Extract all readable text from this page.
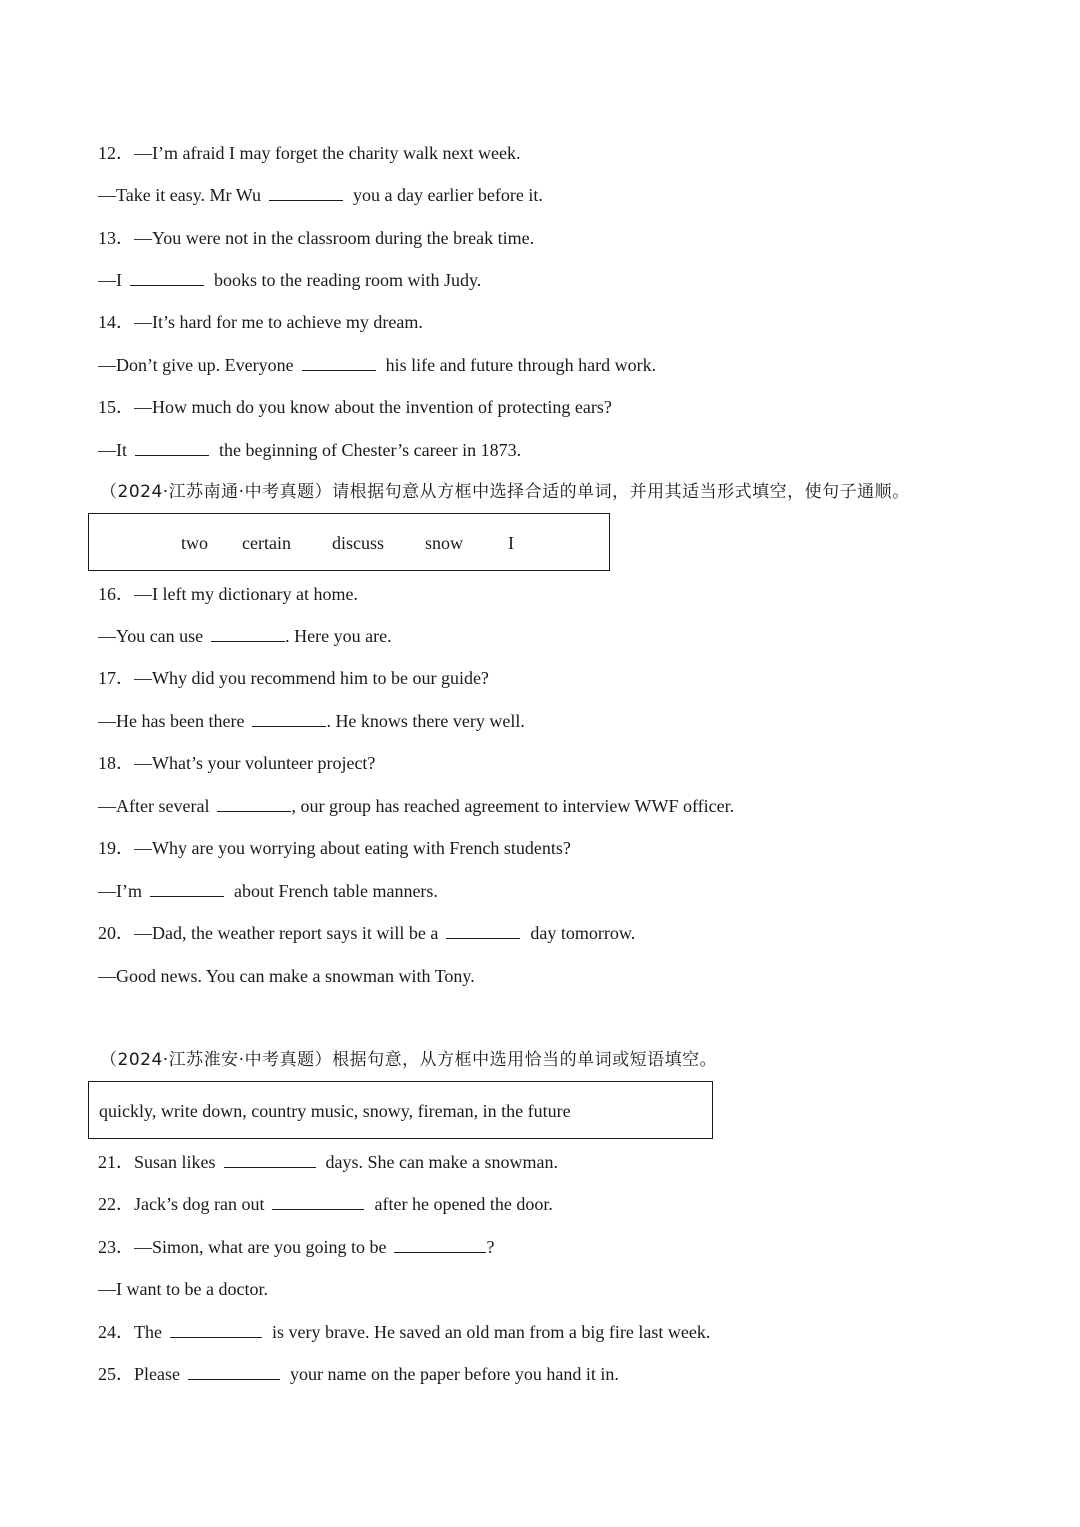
12．—I’m afraid I may forget the charity walk next week.
—Take it easy. Mr Wu	you a day earlier before it.
13．—You were not in the classroom during the break time.
—I	books to the reading room with Judy.
14．—It’s hard for me to achieve my dream.
—Don’t give up. Everyone	his life and future through hard work.
15．—How much do you know about the invention of protecting ears?
—It	the beginning of Chester’s career in 1873.
（2024·江苏南通·中考真题）请根据句意从方框中选择合适的单词，并用其适当形式填空，使句子通顺。
two certain discuss snow I
16．—I left my dictionary at home.
—You can use	. Here you are.
17．—Why did you recommend him to be our guide?
—He has been there	. He knows there very well.
18．—What’s your volunteer project?
—After several	, our group has reached agreement to interview WWF officer.
19．—Why are you worrying about eating with French students?
—I’m	about French table manners.
20．—Dad, the weather report says it will be a	day tomorrow.
—Good news. You can make a snowman with Tony.
（2024·江苏淮安·中考真题）根据句意，从方框中选用恰当的单词或短语填空。
quickly, write down, country music, snowy, fireman, in the future
21．Susan likes	days. She can make a snowman.
22．Jack’s dog ran out	after he opened the door.
23．—Simon, what are you going to be	?
—I want to be a doctor.
24．The	is very brave. He saved an old man from a big fire last week.
25．Please	your name on the paper before you hand it in.
